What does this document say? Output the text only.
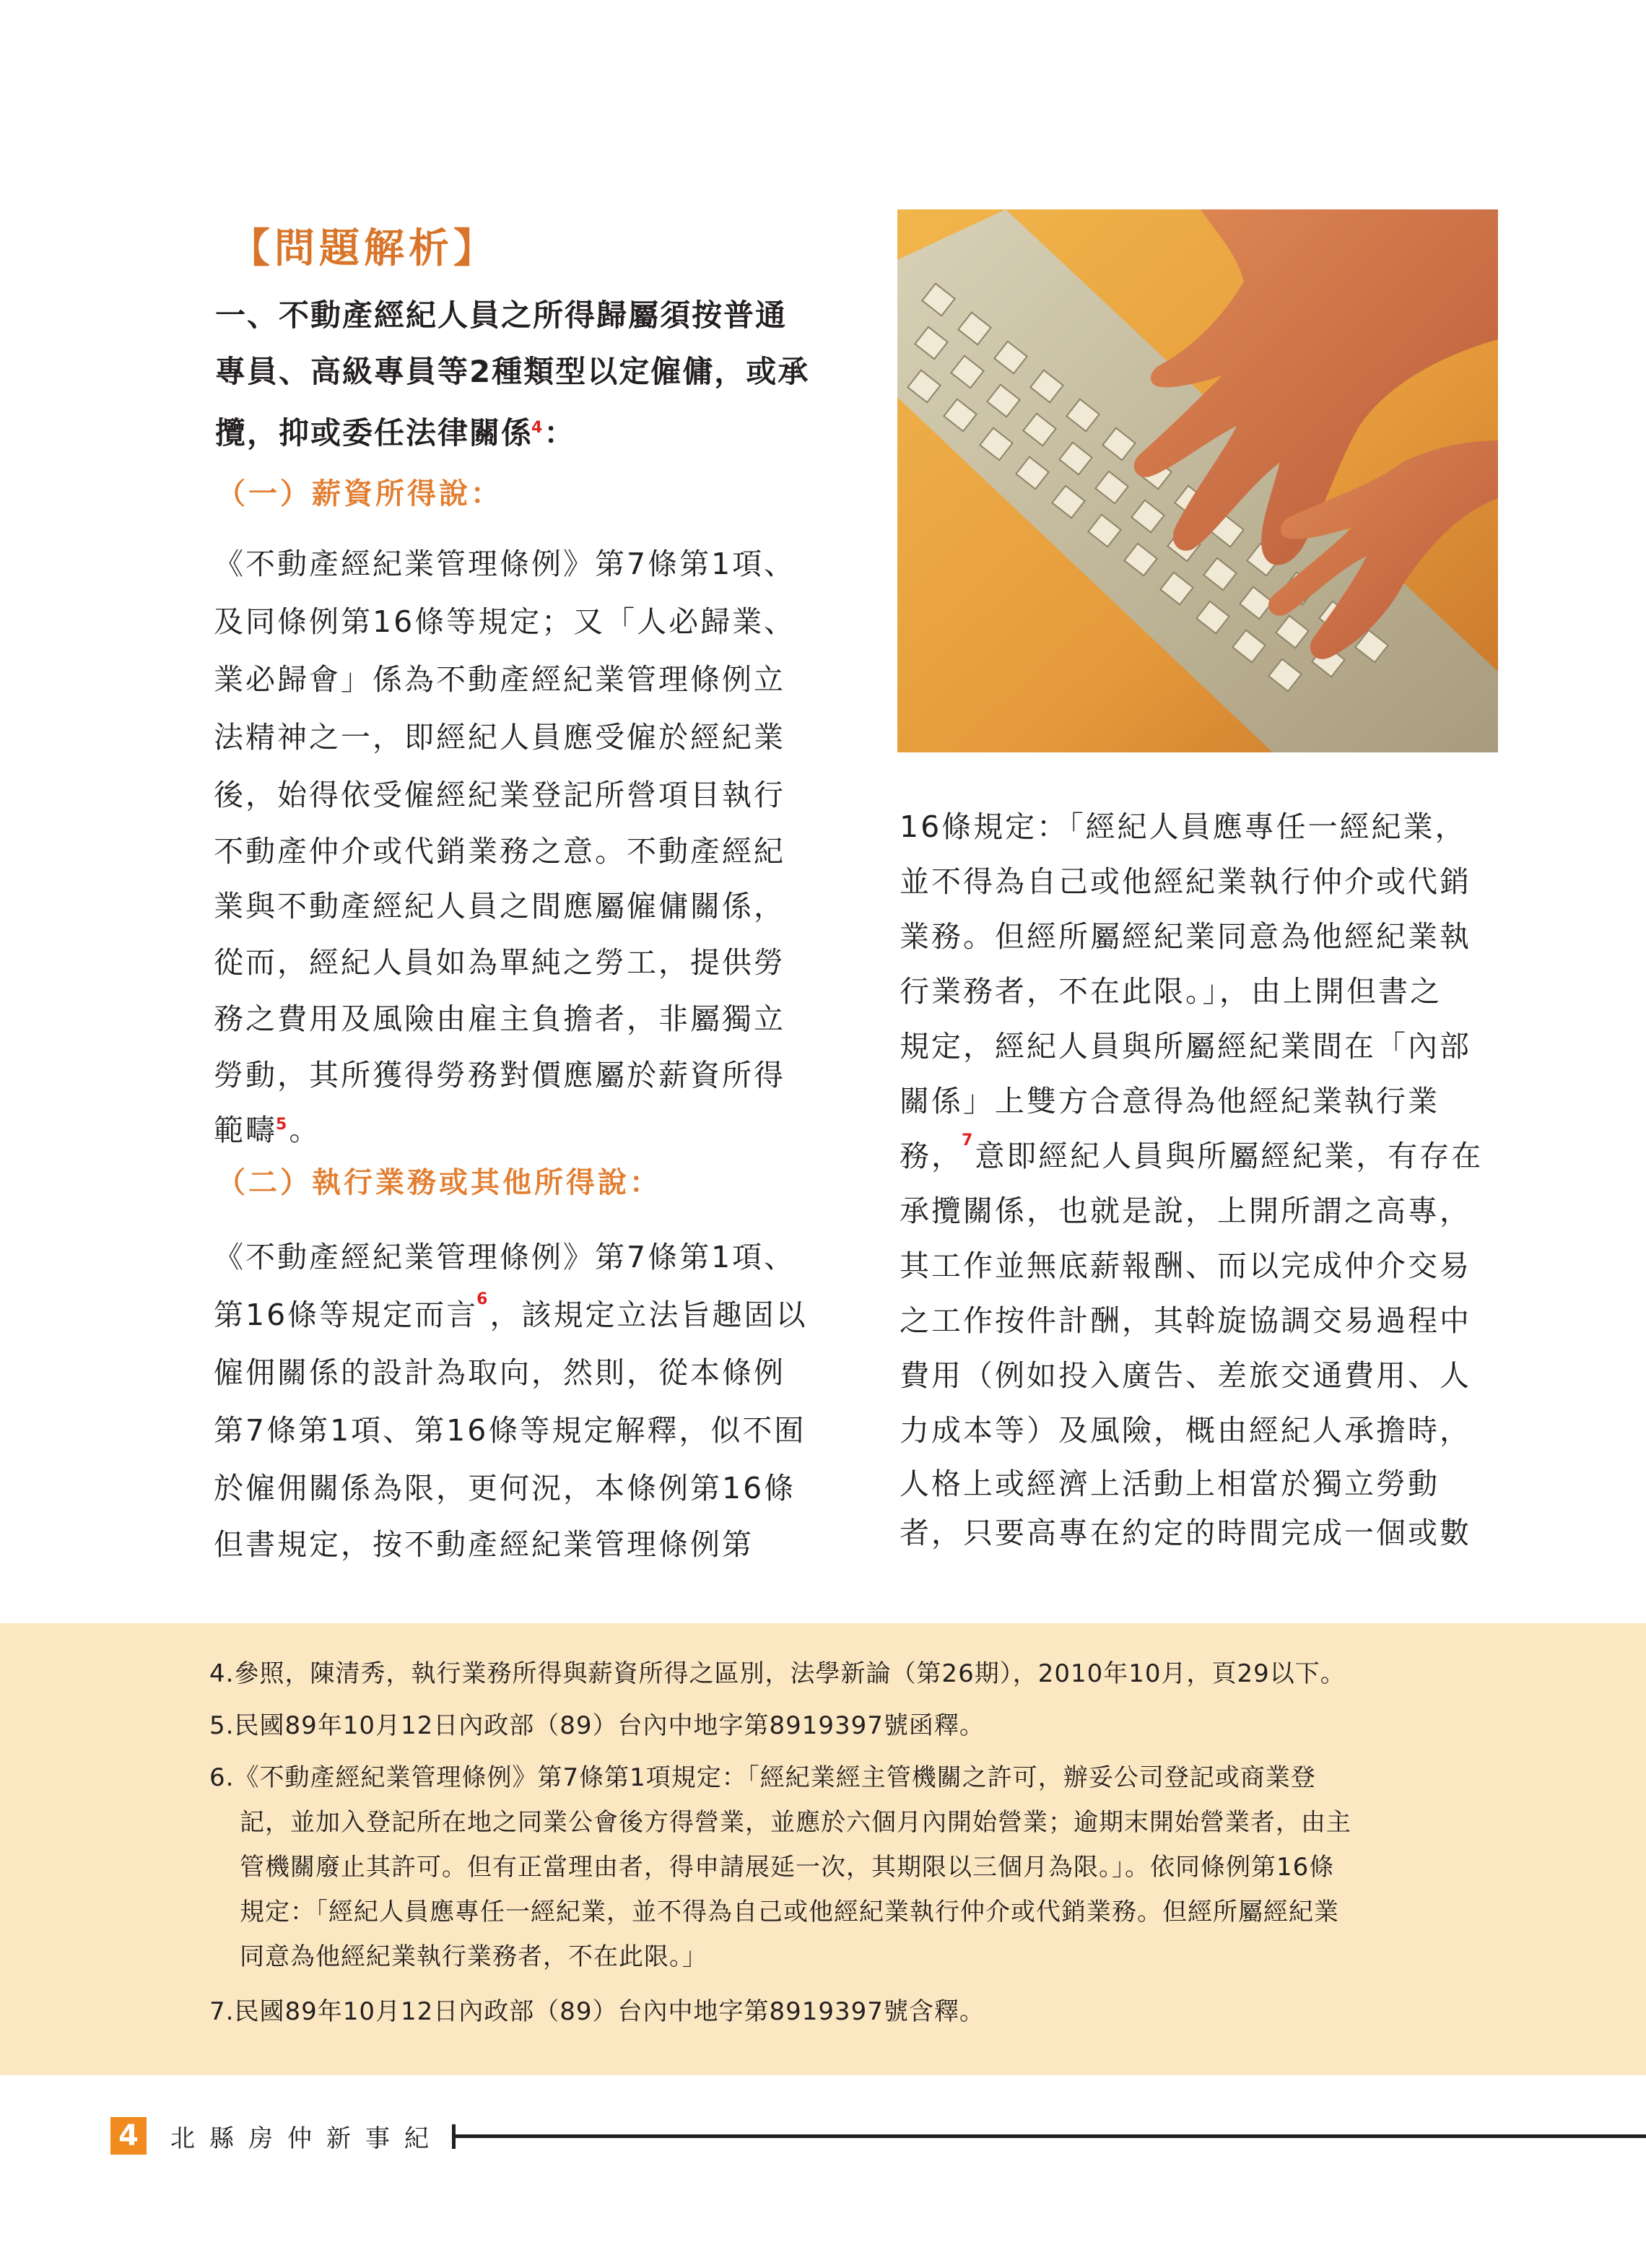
【問題解析】
一、不動產經紀人員之所得歸屬須按普通
專員、高級專員等2種類型以定僱傭，或承
攬，抑或委任法律關係$^4$：
（一）薪資所得說：
《不動產經紀業管理條例》第7條第1項、
及同條例第16條等規定；又「人必歸業、
業必歸會」係為不動產經紀業管理條例立
法精神之一，即經紀人員應受僱於經紀業
後，始得依受僱經紀業登記所營項目執行
不動產仲介或代銷業務之意。不動產經紀
業與不動產經紀人員之間應屬僱傭關係，
從而，經紀人員如為單純之勞工，提供勞
務之費用及風險由雇主負擔者，非屬獨立
勞動，其所獲得勞務對價應屬於薪資所得
範疇$^5$。
（二）執行業務或其他所得說：
《不動產經紀業管理條例》第7條第1項、
第16條等規定而言$^6$，該規定立法旨趣固以
僱佣關係的設計為取向，然則，從本條例
第7條第1項、第16條等規定解釋，似不囿
於僱佣關係為限，更何況，本條例第16條
但書規定，按不動產經紀業管理條例第
16條規定：「經紀人員應專任一經紀業，
並不得為自己或他經紀業執行仲介或代銷
業務。但經所屬經紀業同意為他經紀業執
行業務者，不在此限。」，由上開但書之
規定，經紀人員與所屬經紀業間在「內部
關係」上雙方合意得為他經紀業執行業
務，$^7$意即經紀人員與所屬經紀業，有存在
承攬關係，也就是說，上開所謂之高專，
其工作並無底薪報酬、而以完成仲介交易
之工作按件計酬，其斡旋協調交易過程中
費用（例如投入廣告、差旅交通費用、人
力成本等）及風險，概由經紀人承擔時，
人格上或經濟上活動上相當於獨立勞動
者，只要高專在約定的時間完成一個或數
4.參照，陳清秀，執行業務所得與薪資所得之區別，法學新論（第26期），2010年10月，頁29以下。
5.民國89年10月12日內政部（89）台內中地字第8919397號函釋。
6.《不動產經紀業管理條例》第7條第1項規定：「經紀業經主管機關之許可，辦妥公司登記或商業登
記，並加入登記所在地之同業公會後方得營業，並應於六個月內開始營業；逾期末開始營業者，由主
管機關廢止其許可。但有正當理由者，得申請展延一次，其期限以三個月為限。」。依同條例第16條
規定：「經紀人員應專任一經紀業，並不得為自己或他經紀業執行仲介或代銷業務。但經所屬經紀業
同意為他經紀業執行業務者，不在此限。」
7.民國89年10月12日內政部（89）台內中地字第8919397號含釋。
4	北縣房仲新事紀
